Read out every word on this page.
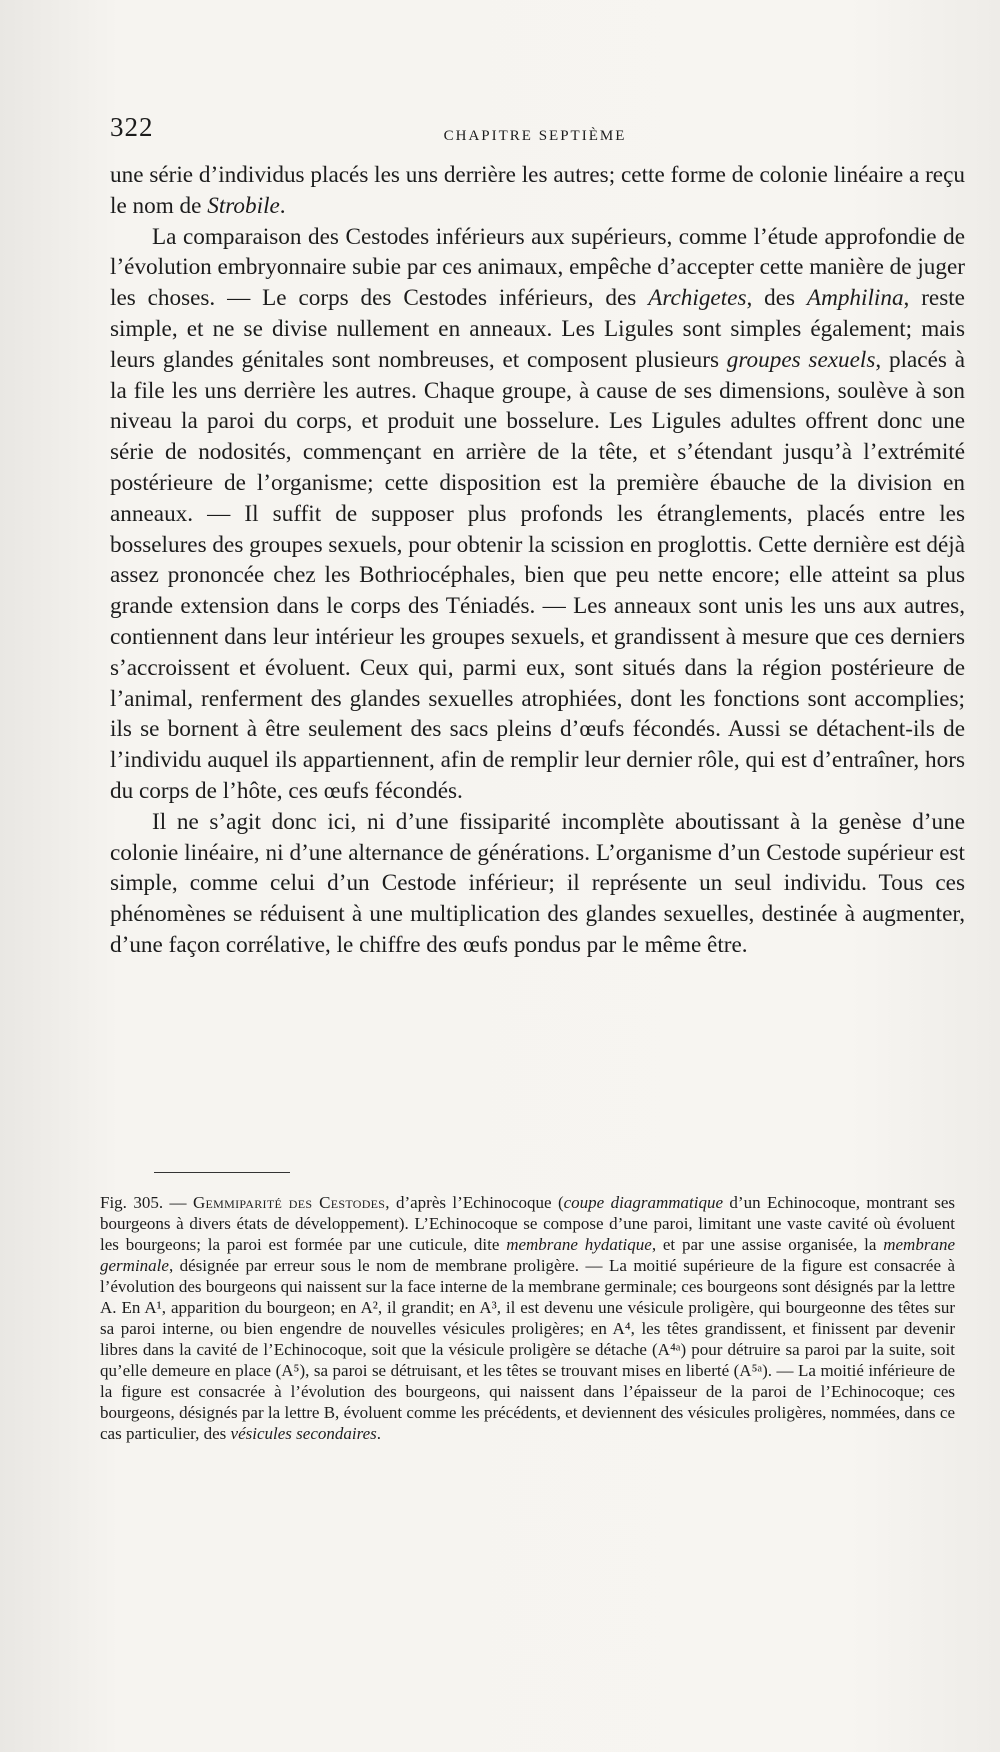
322	CHAPITRE SEPTIÈME

une série d’individus placés les uns derrière les autres; cette forme de colonie linéaire a reçu le nom de Strobile.

La comparaison des Cestodes inférieurs aux supérieurs, comme l’étude approfondie de l’évolution embryonnaire subie par ces animaux, empêche d’accepter cette manière de juger les choses. — Le corps des Cestodes inférieurs, des Archigetes, des Amphilina, reste simple, et ne se divise nullement en anneaux. Les Ligules sont simples également; mais leurs glandes génitales sont nombreuses, et composent plusieurs groupes sexuels, placés à la file les uns derrière les autres. Chaque groupe, à cause de ses dimensions, soulève à son niveau la paroi du corps, et produit une bosselure. Les Ligules adultes offrent donc une série de nodosités, commençant en arrière de la tête, et s’étendant jusqu’à l’extrémité postérieure de l’organisme; cette disposition est la première ébauche de la division en anneaux. — Il suffit de supposer plus profonds les étranglements, placés entre les bosselures des groupes sexuels, pour obtenir la scission en proglottis. Cette dernière est déjà assez prononcée chez les Bothriocéphales, bien que peu nette encore; elle atteint sa plus grande extension dans le corps des Téniadés. — Les anneaux sont unis les uns aux autres, contiennent dans leur intérieur les groupes sexuels, et grandissent à mesure que ces derniers s’accroissent et évoluent. Ceux qui, parmi eux, sont situés dans la région postérieure de l’animal, renferment des glandes sexuelles atrophiées, dont les fonctions sont accomplies; ils se bornent à être seulement des sacs pleins d’œufs fécondés. Aussi se détachent-ils de l’individu auquel ils appartiennent, afin de remplir leur dernier rôle, qui est d’entraîner, hors du corps de l’hôte, ces œufs fécondés.

Il ne s’agit donc ici, ni d’une fissiparité incomplète aboutissant à la genèse d’une colonie linéaire, ni d’une alternance de générations. L’organisme d’un Cestode supérieur est simple, comme celui d’un Cestode inférieur; il représente un seul individu. Tous ces phénomènes se réduisent à une multiplication des glandes sexuelles, destinée à augmenter, d’une façon corrélative, le chiffre des œufs pondus par le même être.

Fig. 305. — Gemmiparité des Cestodes, d’après l’Echinocoque (coupe diagrammatique d’un Echinocoque, montrant ses bourgeons à divers états de développement). L’Echinocoque se compose d’une paroi, limitant une vaste cavité où évoluent les bourgeons; la paroi est formée par une cuticule, dite membrane hydatique, et par une assise organisée, la membrane germinale, désignée par erreur sous le nom de membrane proligère. — La moitié supérieure de la figure est consacrée à l’évolution des bourgeons qui naissent sur la face interne de la membrane germinale; ces bourgeons sont désignés par la lettre A. En A¹, apparition du bourgeon; en A², il grandit; en A³, il est devenu une vésicule proligère, qui bourgeonne des têtes sur sa paroi interne, ou bien engendre de nouvelles vésicules proligères; en A⁴, les têtes grandissent, et finissent par devenir libres dans la cavité de l’Echinocoque, soit que la vésicule proligère se détache (A⁴ᵃ) pour détruire sa paroi par la suite, soit qu’elle demeure en place (A⁵), sa paroi se détruisant, et les têtes se trouvant mises en liberté (A⁵ᵃ). — La moitié inférieure de la figure est consacrée à l’évolution des bourgeons, qui naissent dans l’épaisseur de la paroi de l’Echinocoque; ces bourgeons, désignés par la lettre B, évoluent comme les précédents, et deviennent des vésicules proligères, nommées, dans ce cas particulier, des vésicules secondaires.
